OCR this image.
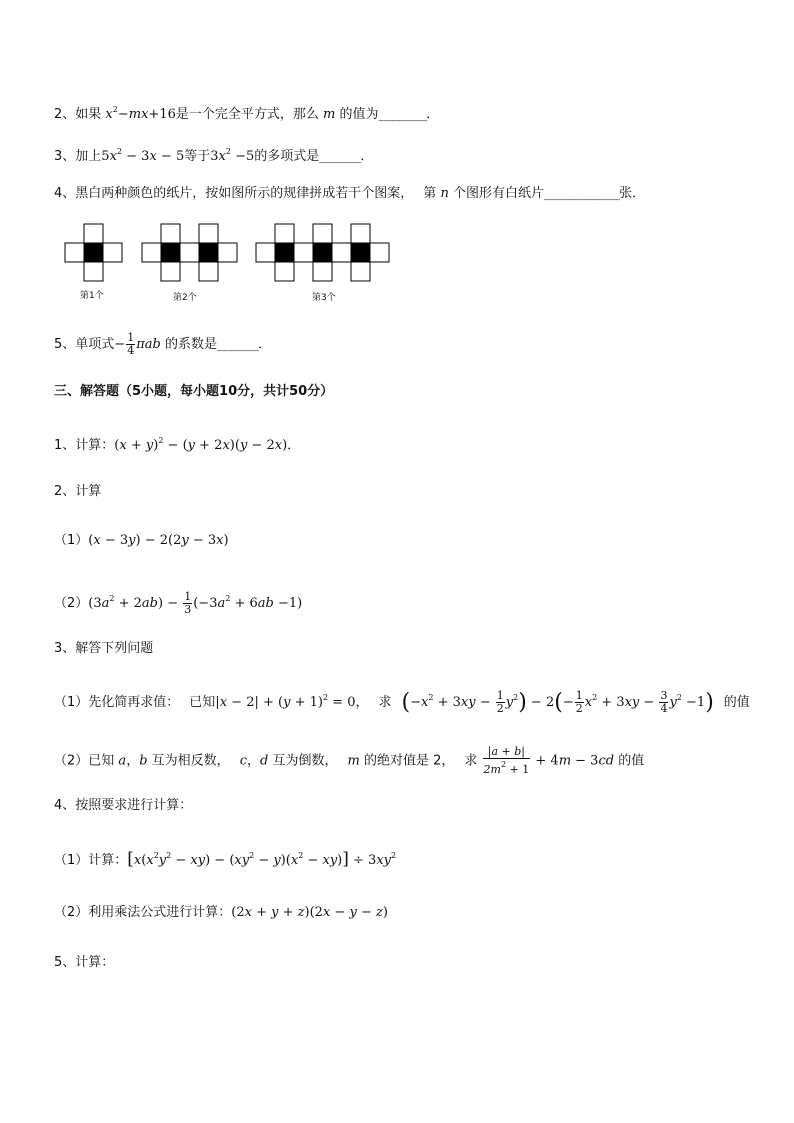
2、如果 $x^2-mx+16$是一个完全平方式，那么 m 的值为_______．
3、加上$5x^2 - 3x - 5$等于$3x^2 -5$的多项式是______．
4、黑白两种颜色的纸片，按如图所示的规律拼成若干个图案， 第 n 个图形有白纸片___________张．
第1个	第2个	第3个
5、单项式− $\frac{1}{4}$ πab 的系数是______．
三、解答题（5小题，每小题10分，共计50分）
1、计算：$(x + y)^2 - (y + 2x)(y - 2x)$．
2、计算
（1）(x − 3y) − 2(2y − 3x)
$(2)(3a^2 + 2ab) - \frac{1}{3} (-3a^2 + 6ab -1)$
3、解答下列问题
（1）先化简再求值： 已知$|x - 2| + (y + 1)^2 = 0$， 求 $(-x^2 + 3xy - \frac{1}{2} y^2) - 2(- \frac{1}{2} x^2 + 3xy - \frac{3}{4} y^2 -1)$ 的值
（2）已知 a，b 互为相反数， c，d 互为倒数， m 的绝对值是 2， 求 $\frac{|a + b|}{2m^2 + 1} + 4m - 3cd$ 的值
4、按照要求进行计算：
（1）计算：$[x(x^2y^2 - xy) - (xy^2 - y)(x^2 - xy)] \div 3xy^2$
（2）利用乘法公式进行计算：(2x + y + z)(2x − y − z)
5、计算：
